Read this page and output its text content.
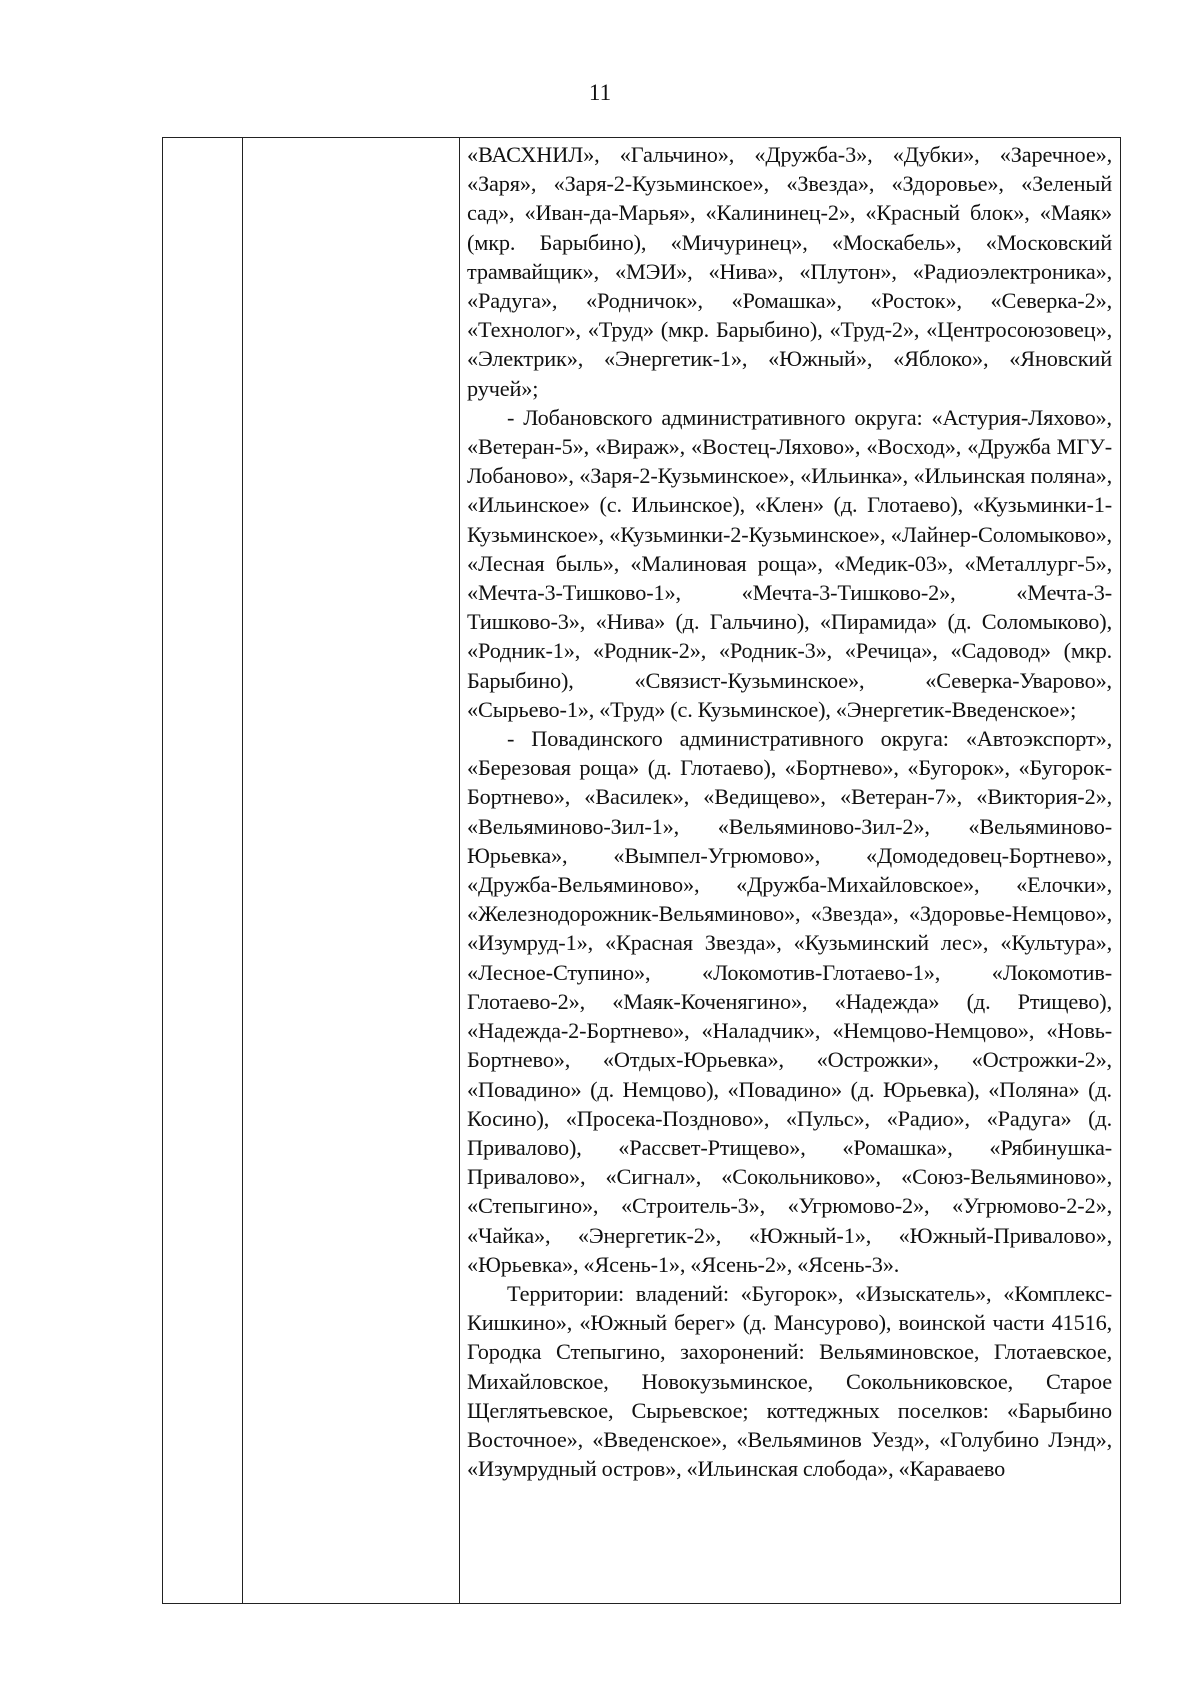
11

«ВАСХНИЛ», «Гальчино», «Дружба-3», «Дубки», «Заречное», «Заря», «Заря-2-Кузьминское», «Звезда», «Здоровье», «Зеленый сад», «Иван-да-Марья», «Калининец-2», «Красный блок», «Маяк» (мкр. Барыбино), «Мичуринец», «Москабель», «Московский трамвайщик», «МЭИ», «Нива», «Плутон», «Радиоэлектроника», «Радуга», «Родничок», «Ромашка», «Росток», «Северка-2», «Технолог», «Труд» (мкр. Барыбино), «Труд-2», «Центросоюзовец», «Электрик», «Энергетик-1», «Южный», «Яблоко», «Яновский ручей»;

- Лобановского административного округа: «Астурия-Ляхово», «Ветеран-5», «Вираж», «Востец-Ляхово», «Восход», «Дружба МГУ-Лобаново», «Заря-2-Кузьминское», «Ильинка», «Ильинская поляна», «Ильинское» (с. Ильинское), «Клен» (д. Глотаево), «Кузьминки-1-Кузьминское», «Кузьминки-2-Кузьминское», «Лайнер-Соломыково», «Лесная быль», «Малиновая роща», «Медик-03», «Металлург-5», «Мечта-3-Тишково-1», «Мечта-3-Тишково-2», «Мечта-3-Тишково-3», «Нива» (д. Гальчино), «Пирамида» (д. Соломыково), «Родник-1», «Родник-2», «Родник-3», «Речица», «Садовод» (мкр. Барыбино), «Связист-Кузьминское», «Северка-Уварово», «Сырьево-1», «Труд» (с. Кузьминское), «Энергетик-Введенское»;

- Повадинского административного округа: «Автоэкспорт», «Березовая роща» (д. Глотаево), «Бортнево», «Бугорок», «Бугорок-Бортнево», «Василек», «Ведищево», «Ветеран-7», «Виктория-2», «Вельяминово-Зил-1», «Вельяминово-Зил-2», «Вельяминово-Юрьевка», «Вымпел-Угрюмово», «Домодедовец-Бортнево», «Дружба-Вельяминово», «Дружба-Михайловское», «Елочки», «Железнодорожник-Вельяминово», «Звезда», «Здоровье-Немцово», «Изумруд-1», «Красная Звезда», «Кузьминский лес», «Культура», «Лесное-Ступино», «Локомотив-Глотаево-1», «Локомотив-Глотаево-2», «Маяк-Коченягино», «Надежда» (д. Ртищево), «Надежда-2-Бортнево», «Наладчик», «Немцово-Немцово», «Новь-Бортнево», «Отдых-Юрьевка», «Острожки», «Острожки-2», «Повадино» (д. Немцово), «Повадино» (д. Юрьевка), «Поляна» (д. Косино), «Просека-Поздново», «Пульс», «Радио», «Радуга» (д. Привалово), «Рассвет-Ртищево», «Ромашка», «Рябинушка-Привалово», «Сигнал», «Сокольниково», «Союз-Вельяминово», «Степыгино», «Строитель-3», «Угрюмово-2», «Угрюмово-2-2», «Чайка», «Энергетик-2», «Южный-1», «Южный-Привалово», «Юрьевка», «Ясень-1», «Ясень-2», «Ясень-3».

Территории: владений: «Бугорок», «Изыскатель», «Комплекс-Кишкино», «Южный берег» (д. Мансурово), воинской части 41516, Городка Степыгино, захоронений: Вельяминовское, Глотаевское, Михайловское, Новокузьминское, Сокольниковское, Старое Щеглятьевское, Сырьевское; коттеджных поселков: «Барыбино Восточное», «Введенское», «Вельяминов Уезд», «Голубино Лэнд», «Изумрудный остров», «Ильинская слобода», «Караваево
